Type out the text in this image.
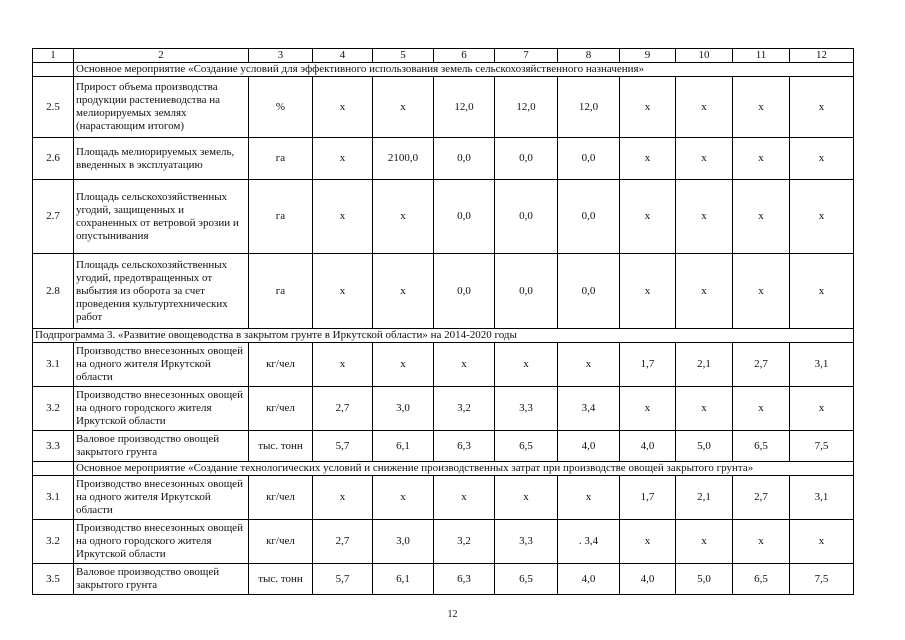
1	2	3	4	5	6	7	8	9	10	11	12
	Основное мероприятие «Создание условий для эффективного использования земель сельскохозяйственного назначения»										
2.5	Прирост объема производства продукции растениеводства на мелиорируемых землях (нарастающим итогом)	%	x	x	12,0	12,0	12,0	x	x	x	x
2.6	Площадь мелиорируемых земель, введенных в эксплуатацию	га	x	2100,0	0,0	0,0	0,0	x	x	x	x
2.7	Площадь сельскохозяйственных угодий, защищенных и сохраненных от ветровой эрозии и опустынивания	га	x	x	0,0	0,0	0,0	x	x	x	x
2.8	Площадь сельскохозяйственных угодий, предотвращенных от выбытия из оборота за счет проведения культуртехнических работ	га	x	x	0,0	0,0	0,0	x	x	x	x
Подпрограмма 3. «Развитие овощеводства в закрытом грунте в Иркутской области» на 2014-2020 годы											
3.1	Производство внесезонных овощей на одного жителя Иркутской области	кг/чел	x	x	x	x	x	1,7	2,1	2,7	3,1
3.2	Производство внесезонных овощей на одного городского жителя Иркутской области	кг/чел	2,7	3,0	3,2	3,3	3,4	x	x	x	x
3.3	Валовое производство овощей закрытого грунта	тыс. тонн	5,7	6,1	6,3	6,5	4,0	4,0	5,0	6,5	7,5
	Основное мероприятие «Создание технологических условий и снижение производственных затрат при производстве овощей закрытого грунта»										
3.1	Производство внесезонных овощей на одного жителя Иркутской области	кг/чел	x	x	x	x	x	1,7	2,1	2,7	3,1
3.2	Производство внесезонных овощей на одного городского жителя Иркутской области	кг/чел	2,7	3,0	3,2	3,3	. 3,4	x	x	x	x
3.5	Валовое производство овощей закрытого грунта	тыс. тонн	5,7	6,1	6,3	6,5	4,0	4,0	5,0	6,5	7,5
12
